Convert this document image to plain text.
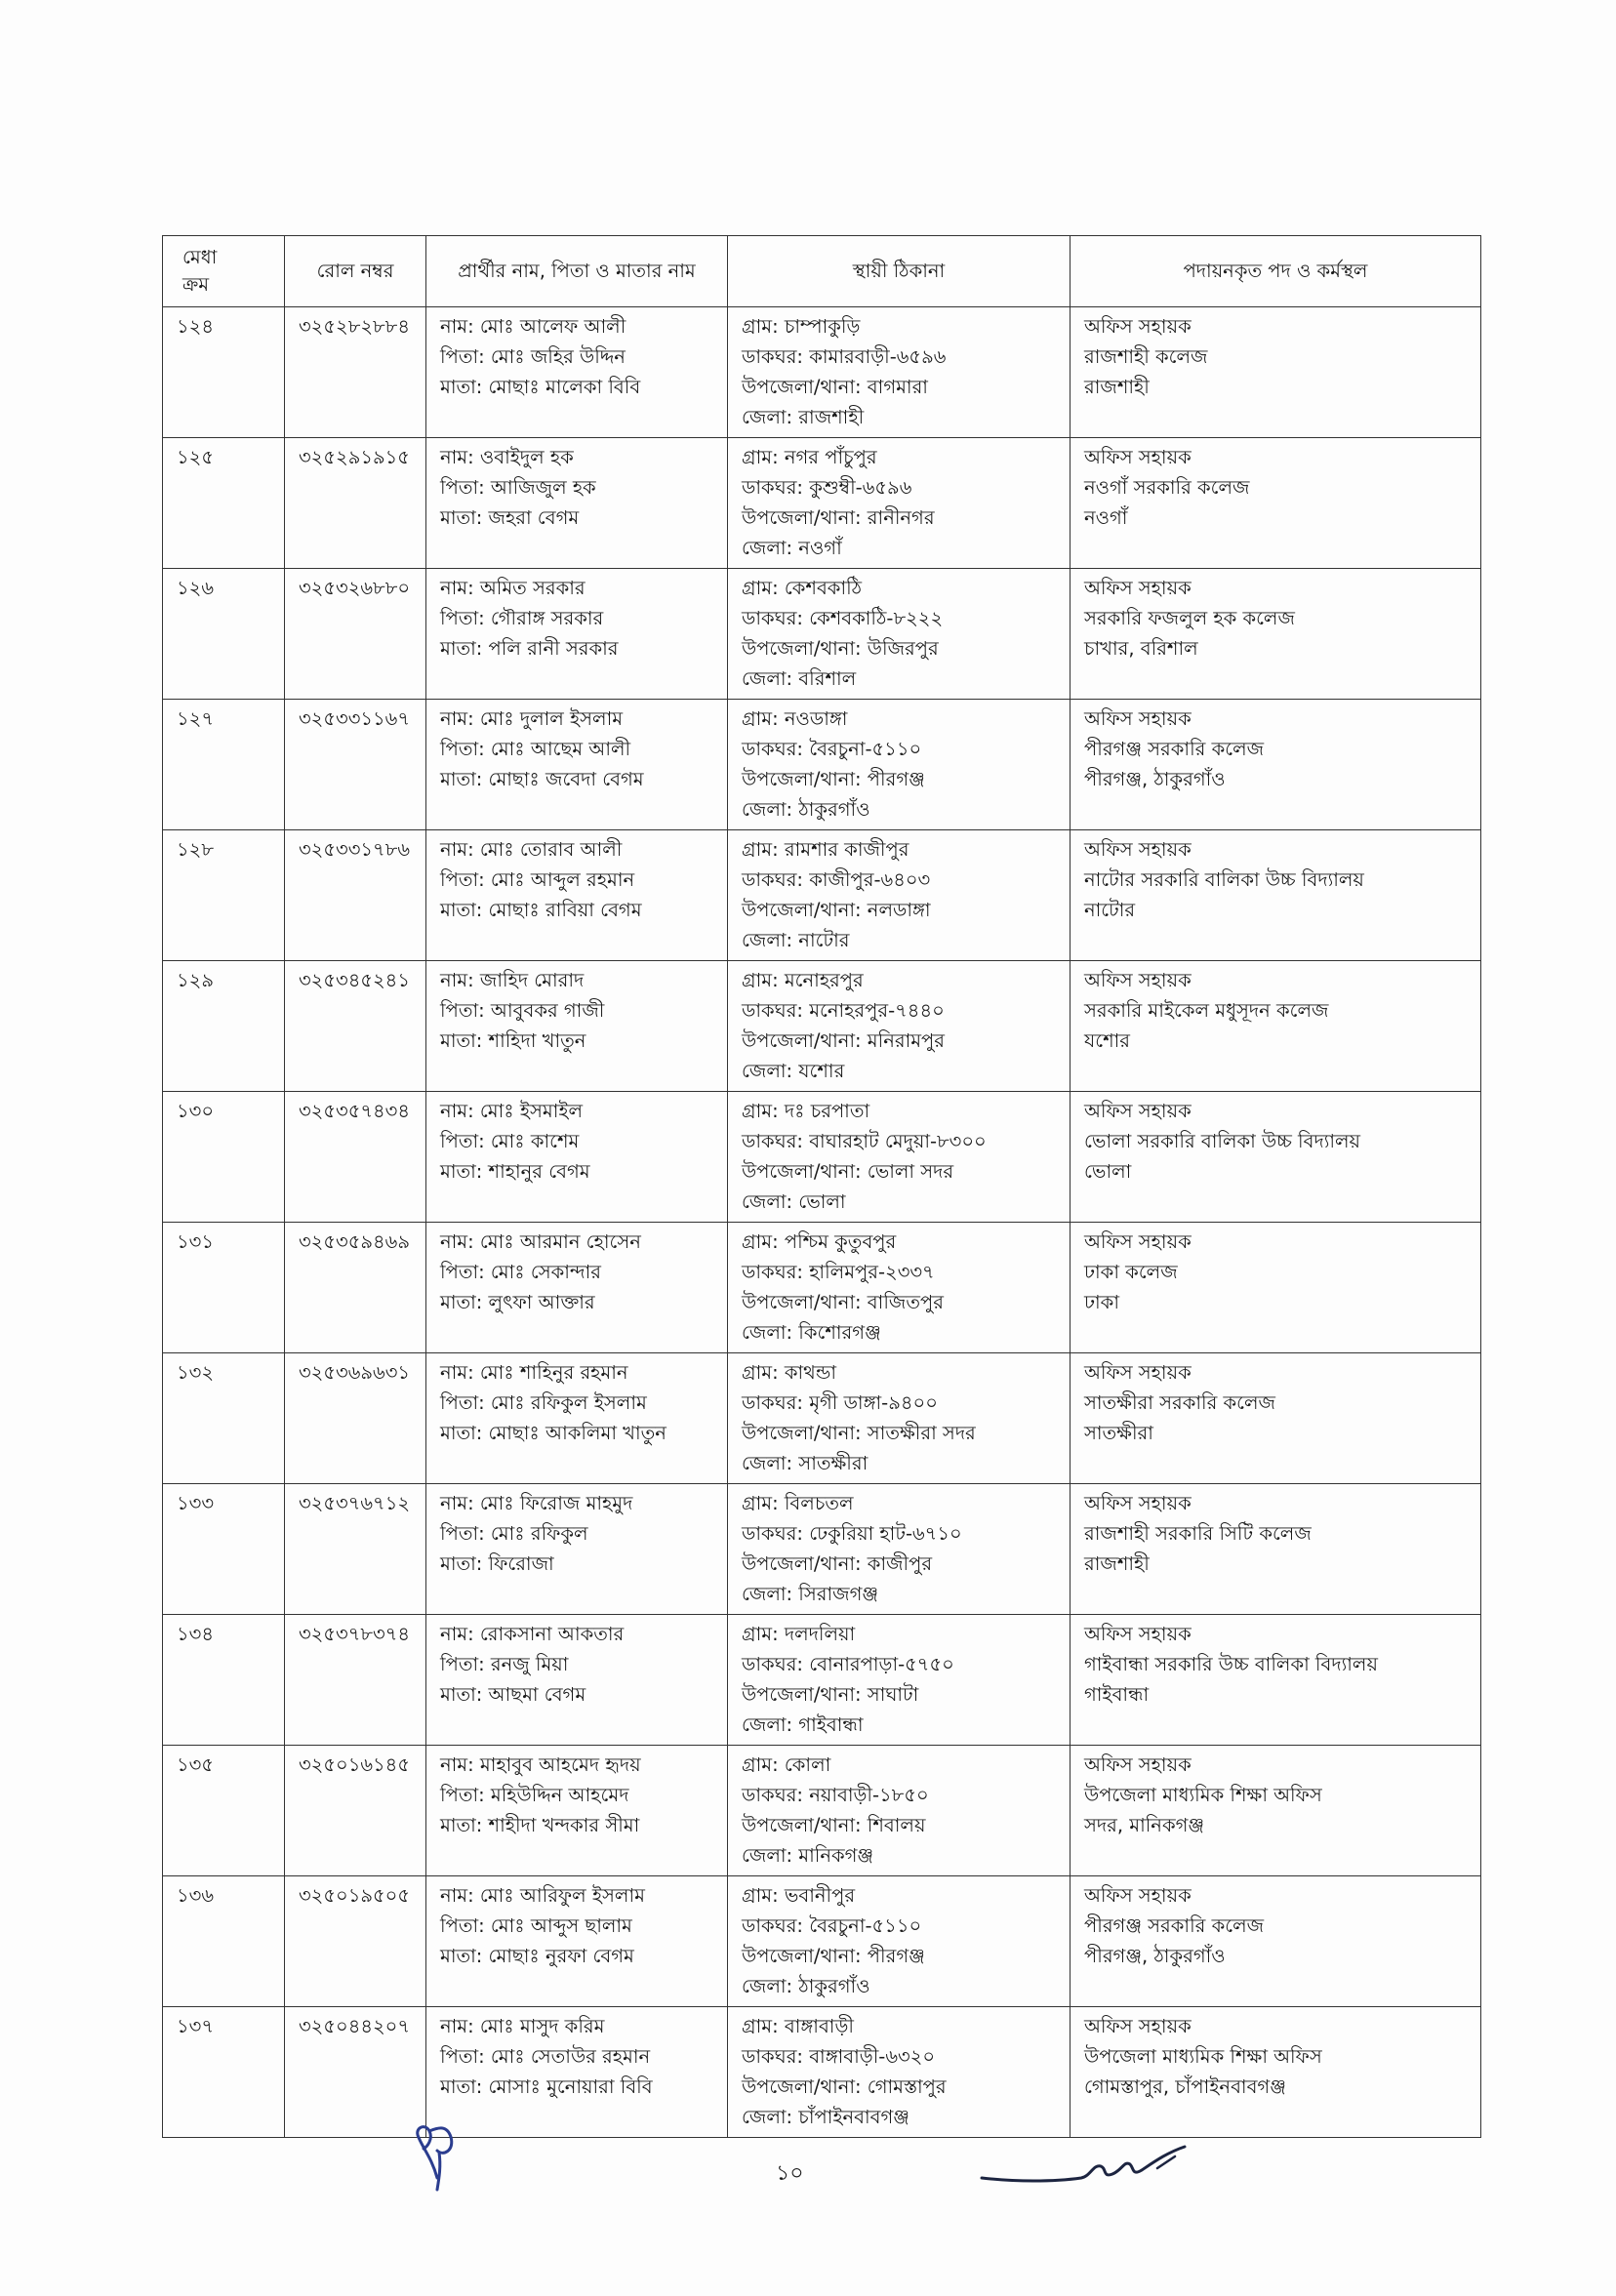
মেধা
ক্রম	রোল নম্বর	প্রার্থীর নাম, পিতা ও মাতার নাম	স্থায়ী ঠিকানা	পদায়নকৃত পদ ও কর্মস্থল
১২৪	৩২৫২৮২৮৮৪	নাম: মোঃ আলেফ আলী
পিতা: মোঃ জহির উদ্দিন
মাতা: মোছাঃ মালেকা বিবি	গ্রাম: চাম্পাকুড়ি
ডাকঘর: কামারবাড়ী-৬৫৯৬
উপজেলা/থানা: বাগমারা
জেলা: রাজশাহী	অফিস সহায়ক
রাজশাহী কলেজ
রাজশাহী

১২৫	৩২৫২৯১৯১৫	নাম: ওবাইদুল হক
পিতা: আজিজুল হক
মাতা: জহরা বেগম	গ্রাম: নগর পাঁচুপুর
ডাকঘর: কুশুম্বী-৬৫৯৬
উপজেলা/থানা: রানীনগর
জেলা: নওগাঁ	অফিস সহায়ক
নওগাঁ সরকারি কলেজ
নওগাঁ

১২৬	৩২৫৩২৬৮৮০	নাম: অমিত সরকার
পিতা: গৌরাঙ্গ সরকার
মাতা: পলি রানী সরকার	গ্রাম: কেশবকাঠি
ডাকঘর: কেশবকাঠি-৮২২২
উপজেলা/থানা: উজিরপুর
জেলা: বরিশাল	অফিস সহায়ক
সরকারি ফজলুল হক কলেজ
চাখার, বরিশাল

১২৭	৩২৫৩৩১১৬৭	নাম: মোঃ দুলাল ইসলাম
পিতা: মোঃ আছেম আলী
মাতা: মোছাঃ জবেদা বেগম	গ্রাম: নওডাঙ্গা
ডাকঘর: বৈরচুনা-৫১১০
উপজেলা/থানা: পীরগঞ্জ
জেলা: ঠাকুরগাঁও	অফিস সহায়ক
পীরগঞ্জ সরকারি কলেজ
পীরগঞ্জ, ঠাকুরগাঁও

১২৮	৩২৫৩৩১৭৮৬	নাম: মোঃ তোরাব আলী
পিতা: মোঃ আব্দুল রহমান
মাতা: মোছাঃ রাবিয়া বেগম	গ্রাম: রামশার কাজীপুর
ডাকঘর: কাজীপুর-৬৪০৩
উপজেলা/থানা: নলডাঙ্গা
জেলা: নাটোর	অফিস সহায়ক
নাটোর সরকারি বালিকা উচ্চ বিদ্যালয়
নাটোর

১২৯	৩২৫৩৪৫২৪১	নাম: জাহিদ মোরাদ
পিতা: আবুবকর গাজী
মাতা: শাহিদা খাতুন	গ্রাম: মনোহরপুর
ডাকঘর: মনোহরপুর-৭৪৪০
উপজেলা/থানা: মনিরামপুর
জেলা: যশোর	অফিস সহায়ক
সরকারি মাইকেল মধুসূদন কলেজ
যশোর

১৩০	৩২৫৩৫৭৪৩৪	নাম: মোঃ ইসমাইল
পিতা: মোঃ কাশেম
মাতা: শাহানুর বেগম	গ্রাম: দঃ চরপাতা
ডাকঘর: বাঘারহাট মেদুয়া-৮৩০০
উপজেলা/থানা: ভোলা সদর
জেলা: ভোলা	অফিস সহায়ক
ভোলা সরকারি বালিকা উচ্চ বিদ্যালয়
ভোলা

১৩১	৩২৫৩৫৯৪৬৯	নাম: মোঃ আরমান হোসেন
পিতা: মোঃ সেকান্দার
মাতা: লুৎফা আক্তার	গ্রাম: পশ্চিম কুতুবপুর
ডাকঘর: হালিমপুর-২৩৩৭
উপজেলা/থানা: বাজিতপুর
জেলা: কিশোরগঞ্জ	অফিস সহায়ক
ঢাকা কলেজ
ঢাকা

১৩২	৩২৫৩৬৯৬৩১	নাম: মোঃ শাহিনুর রহমান
পিতা: মোঃ রফিকুল ইসলাম
মাতা: মোছাঃ আকলিমা খাতুন	গ্রাম: কাথন্ডা
ডাকঘর: মৃগী ডাঙ্গা-৯৪০০
উপজেলা/থানা: সাতক্ষীরা সদর
জেলা: সাতক্ষীরা	অফিস সহায়ক
সাতক্ষীরা সরকারি কলেজ
সাতক্ষীরা

১৩৩	৩২৫৩৭৬৭১২	নাম: মোঃ ফিরোজ মাহমুদ
পিতা: মোঃ রফিকুল
মাতা: ফিরোজা	গ্রাম: বিলচতল
ডাকঘর: ঢেকুরিয়া হাট-৬৭১০
উপজেলা/থানা: কাজীপুর
জেলা: সিরাজগঞ্জ	অফিস সহায়ক
রাজশাহী সরকারি সিটি কলেজ
রাজশাহী

১৩৪	৩২৫৩৭৮৩৭৪	নাম: রোকসানা আকতার
পিতা: রনজু মিয়া
মাতা: আছমা বেগম	গ্রাম: দলদলিয়া
ডাকঘর: বোনারপাড়া-৫৭৫০
উপজেলা/থানা: সাঘাটা
জেলা: গাইবান্ধা	অফিস সহায়ক
গাইবান্ধা সরকারি উচ্চ বালিকা বিদ্যালয়
গাইবান্ধা

১৩৫	৩২৫০১৬১৪৫	নাম: মাহাবুব আহমেদ হৃদয়
পিতা: মহিউদ্দিন আহমেদ
মাতা: শাহীদা খন্দকার সীমা	গ্রাম: কোলা
ডাকঘর: নয়াবাড়ী-১৮৫০
উপজেলা/থানা: শিবালয়
জেলা: মানিকগঞ্জ	অফিস সহায়ক
উপজেলা মাধ্যমিক শিক্ষা অফিস
সদর, মানিকগঞ্জ

১৩৬	৩২৫০১৯৫০৫	নাম: মোঃ আরিফুল ইসলাম
পিতা: মোঃ আব্দুস ছালাম
মাতা: মোছাঃ নুরফা বেগম	গ্রাম: ভবানীপুর
ডাকঘর: বৈরচুনা-৫১১০
উপজেলা/থানা: পীরগঞ্জ
জেলা: ঠাকুরগাঁও	অফিস সহায়ক
পীরগঞ্জ সরকারি কলেজ
পীরগঞ্জ, ঠাকুরগাঁও

১৩৭	৩২৫০৪৪২০৭	নাম: মোঃ মাসুদ করিম
পিতা: মোঃ সেতাউর রহমান
মাতা: মোসাঃ মুনোয়ারা বিবি	গ্রাম: বাঙ্গাবাড়ী
ডাকঘর: বাঙ্গাবাড়ী-৬৩২০
উপজেলা/থানা: গোমস্তাপুর
জেলা: চাঁপাইনবাবগঞ্জ	অফিস সহায়ক
উপজেলা মাধ্যমিক শিক্ষা অফিস
গোমস্তাপুর, চাঁপাইনবাবগঞ্জ
১০
